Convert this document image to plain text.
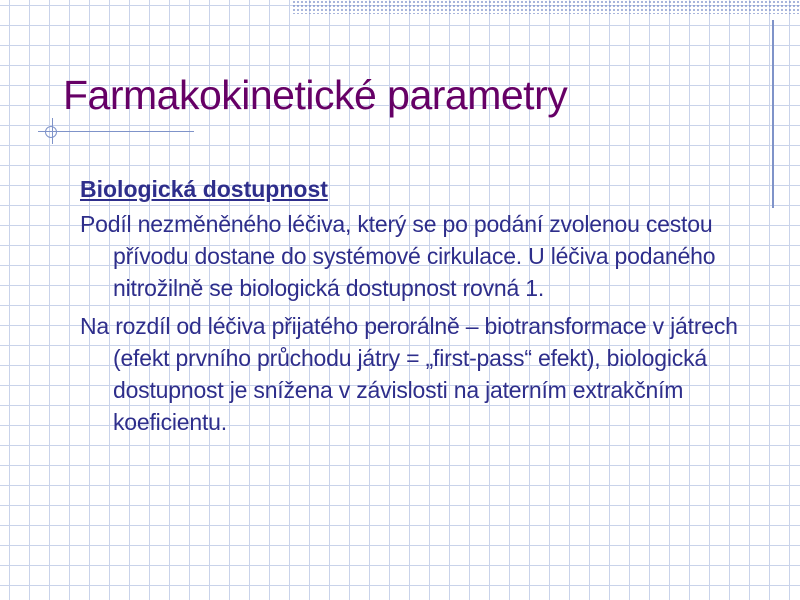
Farmakokinetické parametry

Biologická dostupnost

Podíl nezměněného léčiva, který se po podání zvolenou cestou přívodu dostane do systémové cirkulace. U léčiva podaného nitrožilně se biologická dostupnost rovná 1.

Na rozdíl od léčiva přijatého perorálně – biotransformace v játrech (efekt prvního průchodu játry = „first-pass“ efekt), biologická dostupnost je snížena v závislosti na jaterním extrakčním koeficientu.
